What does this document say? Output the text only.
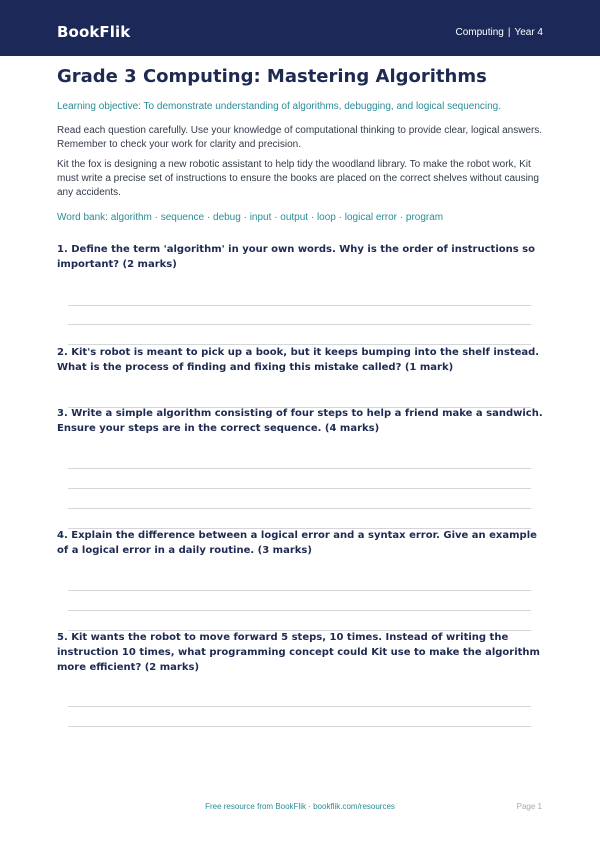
BookFlik	Computing | Year 4
Grade 3 Computing: Mastering Algorithms
Learning objective: To demonstrate understanding of algorithms, debugging, and logical sequencing.
Read each question carefully. Use your knowledge of computational thinking to provide clear, logical answers. Remember to check your work for clarity and precision.
Kit the fox is designing a new robotic assistant to help tidy the woodland library. To make the robot work, Kit must write a precise set of instructions to ensure the books are placed on the correct shelves without causing any accidents.
Word bank: algorithm · sequence · debug · input · output · loop · logical error · program
1. Define the term 'algorithm' in your own words. Why is the order of instructions so important? (2 marks)
2. Kit's robot is meant to pick up a book, but it keeps bumping into the shelf instead. What is the process of finding and fixing this mistake called? (1 mark)
3. Write a simple algorithm consisting of four steps to help a friend make a sandwich. Ensure your steps are in the correct sequence. (4 marks)
4. Explain the difference between a logical error and a syntax error. Give an example of a logical error in a daily routine. (3 marks)
5. Kit wants the robot to move forward 5 steps, 10 times. Instead of writing the instruction 10 times, what programming concept could Kit use to make the algorithm more efficient? (2 marks)
Free resource from BookFlik · bookflik.com/resources	Page 1
